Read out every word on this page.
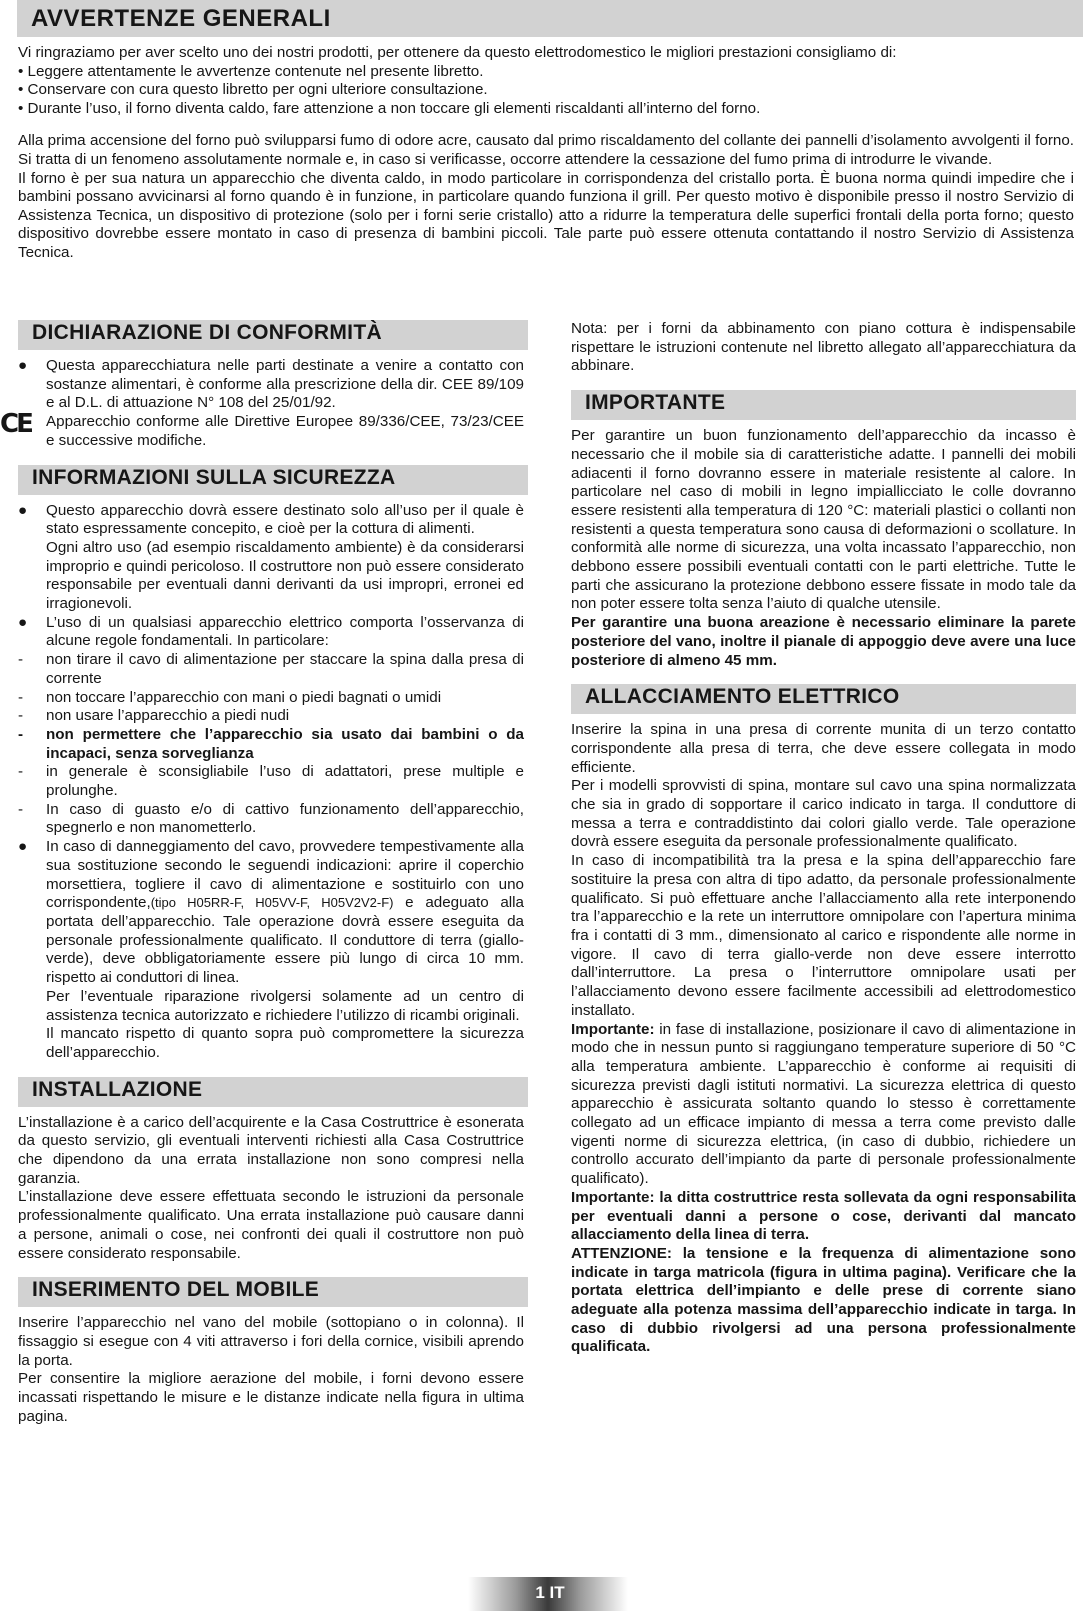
AVVERTENZE GENERALI

Vi ringraziamo per aver scelto uno dei nostri prodotti, per ottenere da questo elettrodomestico le migliori prestazioni consigliamo di:

• Leggere attentamente le avvertenze contenute nel presente libretto.
• Conservare con cura questo libretto per ogni ulteriore consultazione.
• Durante l’uso, il forno diventa caldo, fare attenzione a non toccare gli elementi riscaldanti all’interno del forno.

Alla prima accensione del forno può svilupparsi fumo di odore acre, causato dal primo riscaldamento del collante dei pannelli d’isolamento avvolgenti il forno. Si tratta di un fenomeno assolutamente normale e, in caso si verificasse, occorre attendere la cessazione del fumo prima di introdurre le vivande.

Il forno è per sua natura un apparecchio che diventa caldo, in modo particolare in corrispondenza del cristallo porta. È buona norma quindi impedire che i bambini possano avvicinarsi al forno quando è in funzione, in particolare quando funziona il grill. Per questo motivo è disponibile presso il nostro Servizio di Assistenza Tecnica, un dispositivo di protezione (solo per i forni serie cristallo) atto a ridurre la temperatura delle superfici frontali della porta forno; questo dispositivo dovrebbe essere montato in caso di presenza di bambini piccoli. Tale parte può essere ottenuta contattando il nostro Servizio di Assistenza Tecnica.

DICHIARAZIONE DI CONFORMITÀ
●	Questa apparecchiatura nelle parti destinate a venire a contatto con sostanze alimentari, è conforme alla prescrizione della dir. CEE 89/109 e al D.L. di attuazione N° 108 del 25/01/92.

CE Apparecchio conforme alle Direttive Europee 89/336/CEE, 73/23/CEE e successive modifiche.

INFORMAZIONI SULLA SICUREZZA
●	Questo apparecchio dovrà essere destinato solo all’uso per il quale è stato espressamente concepito, e cioè per la cottura di alimenti.

Ogni altro uso (ad esempio riscaldamento ambiente) è da considerarsi improprio e quindi pericoloso. Il costruttore non può essere considerato responsabile per eventuali danni derivanti da usi impropri, erronei ed irragionevoli.

●	L’uso di un qualsiasi apparecchio elettrico comporta l’osservanza di alcune regole fondamentali. In particolare:

-	non tirare il cavo di alimentazione per staccare la spina dalla presa di corrente

-	non toccare l’apparecchio con mani o piedi bagnati o umidi

-	non usare l’apparecchio a piedi nudi

-	non permettere che l’apparecchio sia usato dai bambini o da incapaci, senza sorveglianza

-	in generale è sconsigliabile l’uso di adattatori, prese multiple e prolunghe.

-	In caso di guasto e/o di cattivo funzionamento dell’apparecchio, spegnerlo e non manometterlo.

●	In caso di danneggiamento del cavo, provvedere tempestivamente alla sua sostituzione secondo le seguendi indicazioni: aprire il coperchio morsettiera, togliere il cavo di alimentazione e sostituirlo con uno corrispondente,(tipo H05RR-F, H05VV-F, H05V2V2-F) e adeguato alla portata dell’apparecchio. Tale operazione dovrà essere eseguita da personale professionalmente qualificato. Il conduttore di terra (giallo-verde), deve obbligatoriamente essere più lungo di circa 10 mm. rispetto ai conduttori di linea.

Per l’eventuale riparazione rivolgersi solamente ad un centro di assistenza tecnica autorizzato e richiedere l’utilizzo di ricambi originali.

Il mancato rispetto di quanto sopra può compromettere la sicurezza dell’apparecchio.

INSTALLAZIONE

L’installazione è a carico dell’acquirente e la Casa Costruttrice è esonerata da questo servizio, gli eventuali interventi richiesti alla Casa Costruttrice che dipendono da una errata installazione non sono compresi nella garanzia.

L’installazione deve essere effettuata secondo le istruzioni da personale professionalmente qualificato. Una errata installazione può causare danni a persone, animali o cose, nei confronti dei quali il costruttore non può essere considerato responsabile.

INSERIMENTO DEL MOBILE

Inserire l’apparecchio nel vano del mobile (sottopiano o in colonna). Il fissaggio si esegue con 4 viti attraverso i fori della cornice, visibili aprendo la porta.

Per consentire la migliore aerazione del mobile, i forni devono essere incassati rispettando le misure e le distanze indicate nella figura in ultima pagina.

Nota: per i forni da abbinamento con piano cottura è indispensabile rispettare le istruzioni contenute nel libretto allegato all’apparecchiatura da abbinare.

IMPORTANTE

Per garantire un buon funzionamento dell’apparecchio da incasso è necessario che il mobile sia di caratteristiche adatte. I pannelli dei mobili adiacenti il forno dovranno essere in materiale resistente al calore. In particolare nel caso di mobili in legno impiallicciato le colle dovranno essere resistenti alla temperatura di 120 °C: materiali plastici o collanti non resistenti a questa temperatura sono causa di deformazioni o scollature. In conformità alle norme di sicurezza, una volta incassato l’apparecchio, non debbono essere possibili eventuali contatti con le parti elettriche. Tutte le parti che assicurano la protezione debbono essere fissate in modo tale da non poter essere tolta senza l’aiuto di qualche utensile.

Per garantire una buona areazione è necessario eliminare la parete posteriore del vano, inoltre il pianale di appoggio deve avere una luce posteriore di almeno 45 mm.

ALLACCIAMENTO ELETTRICO

Inserire la spina in una presa di corrente munita di un terzo contatto corrispondente alla presa di terra, che deve essere collegata in modo efficiente.

Per i modelli sprovvisti di spina, montare sul cavo una spina normalizzata che sia in grado di sopportare il carico indicato in targa. Il conduttore di messa a terra e contraddistinto dai colori giallo verde. Tale operazione dovrà essere eseguita da personale professionalmente qualificato.

In caso di incompatibilità tra la presa e la spina dell’apparecchio fare sostituire la presa con altra di tipo adatto, da personale professionalmente qualificato. Si può effettuare anche l’allacciamento alla rete interponendo tra l’apparecchio e la rete un interruttore omnipolare con l’apertura minima fra i contatti di 3 mm., dimensionato al carico e rispondente alle norme in vigore. Il cavo di terra giallo-verde non deve essere interrotto dall’interruttore. La presa o l’interruttore omnipolare usati per l’allacciamento devono essere facilmente accessibili ad elettrodomestico installato.

Importante: in fase di installazione, posizionare il cavo di alimentazione in modo che in nessun punto si raggiungano temperature superiore di 50 °C alla temperatura ambiente. L’apparecchio è conforme ai requisiti di sicurezza previsti dagli istituti normativi. La sicurezza elettrica di questo apparecchio è assicurata soltanto quando lo stesso è correttamente collegato ad un efficace impianto di messa a terra come previsto dalle vigenti norme di sicurezza elettrica, (in caso di dubbio, richiedere un controllo accurato dell’impianto da parte di personale professionalmente qualificato).

Importante: la ditta costruttrice resta sollevata da ogni responsabilita per eventuali danni a persone o cose, derivanti dal mancato allacciamento della linea di terra.

ATTENZIONE: la tensione e la frequenza di alimentazione sono indicate in targa matricola (figura in ultima pagina). Verificare che la portata elettrica dell’impianto e delle prese di corrente siano adeguate alla potenza massima dell’apparecchio indicate in targa. In caso di dubbio rivolgersi ad una persona professionalmente qualificata.

1 IT
